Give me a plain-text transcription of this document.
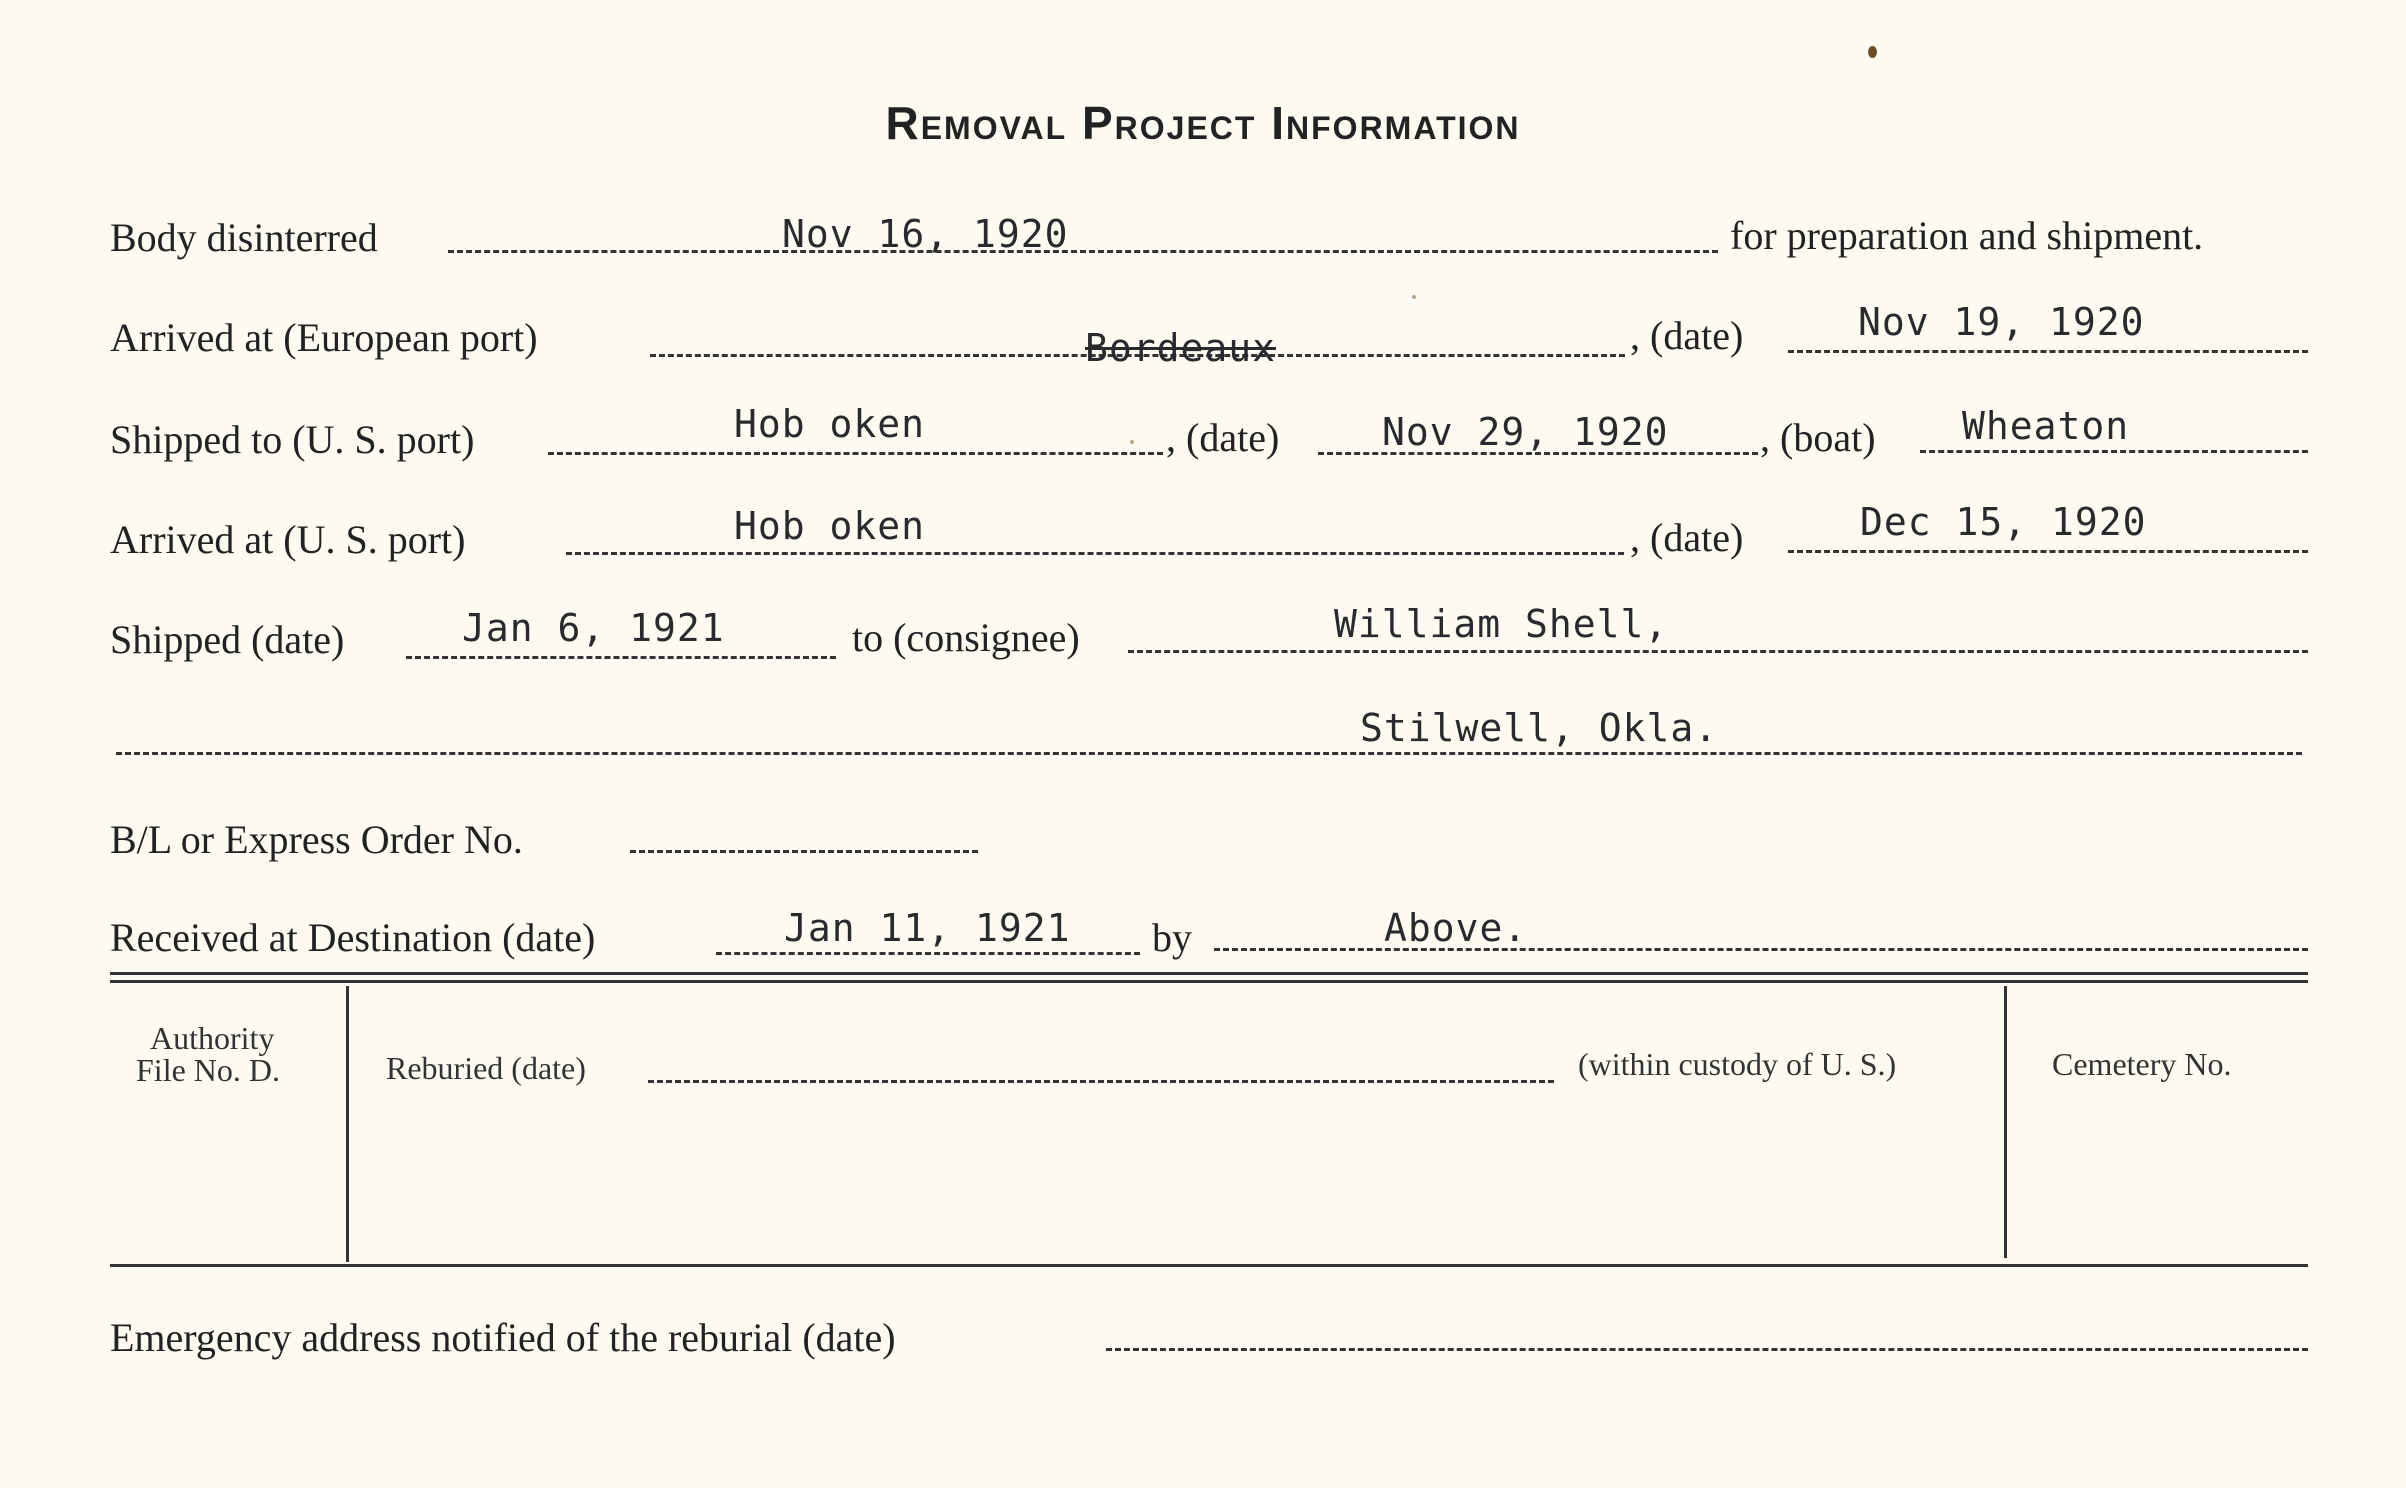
Removal Project Information
Body disinterred	Nov 16, 1920	for preparation and shipment.
Arrived at (European port)	Bordeaux	, (date)	Nov 19, 1920
Shipped to (U. S. port)	Hob oken	, (date)	Nov 29, 1920 , (boat) Wheaton
Arrived at (U. S. port)	Hob oken	, (date)	Dec 15, 1920
Shipped (date)	Jan 6, 1921	to (consignee)	William Shell,
Stilwell, Okla.
B/L or Express Order No.
Received at Destination (date)	Jan 11, 1921 by	Above.
Authority
File No. D.	Reburied (date)	(within custody of U. S.)	Cemetery No.
Emergency address notified of the reburial (date)
